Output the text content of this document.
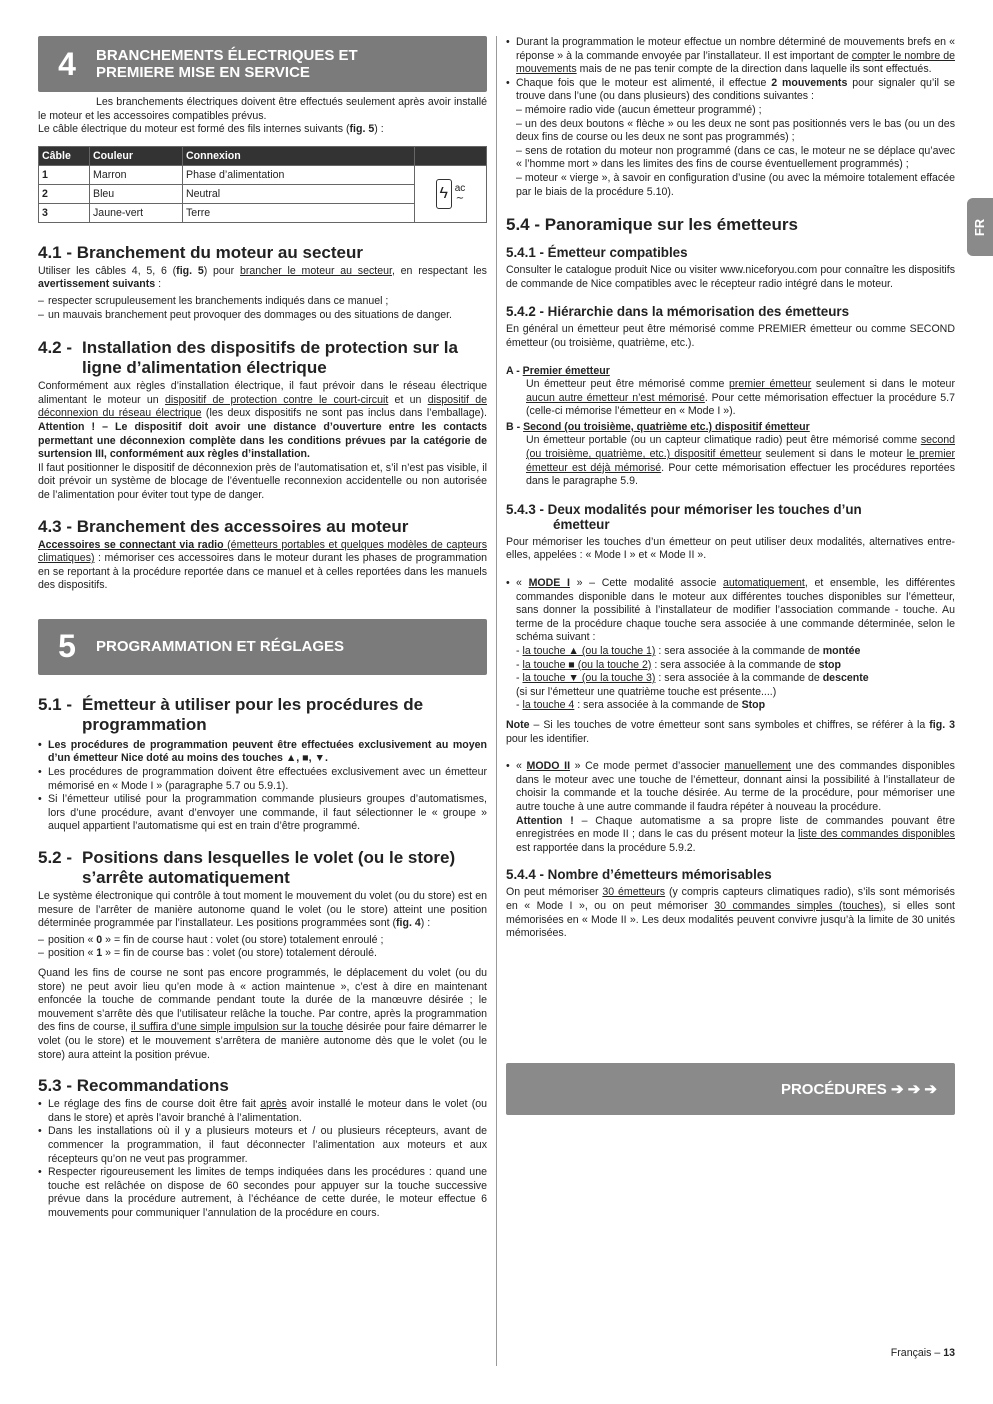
4	BRANCHEMENTS ÉLECTRIQUES ET
PREMIERE MISE EN SERVICE

Les branchements électriques doivent être effectués seulement après avoir installé le moteur et les accessoires compatibles prévus.

Le câble électrique du moteur est formé des fils internes suivants (fig. 5) :

Câble	Couleur	Connexion	
1	Marron	Phase d’alimentation	ϟ ac
∼

2	Bleu	Neutral	
3	Jaune-vert	Terre	
4.1 - Branchement du moteur au secteur

Utiliser les câbles 4, 5, 6 (fig. 5) pour brancher le moteur au secteur, en respectant les avertissement suivants :

– respecter scrupuleusement les branchements indiqués dans ce manuel ;
– un mauvais branchement peut provoquer des dommages ou des situations de danger.
4.2 - Installation des dispositifs de protection sur la
ligne d’alimentation électrique

Conformément aux règles d’installation électrique, il faut prévoir dans le réseau électrique alimentant le moteur un dispositif de protection contre le court-circuit et un dispositif de déconnexion du réseau électrique (les deux dispositifs ne sont pas inclus dans l’emballage). Attention ! – Le dispositif doit avoir une distance d’ouverture entre les contacts permettant une déconnexion complète dans les conditions prévues par la catégorie de surtension III, conformément aux règles d’installation.

Il faut positionner le dispositif de déconnexion près de l’automatisation et, s’il n’est pas visible, il doit prévoir un système de blocage de l’éventuelle reconnexion accidentelle ou non autorisée de l’alimentation pour éviter tout type de danger.

4.3 - Branchement des accessoires au moteur

Accessoires se connectant via radio (émetteurs portables et quelques modèles de capteurs climatiques) : mémoriser ces accessoires dans le moteur durant les phases de programmation en se reportant à la procédure reportée dans ce manuel et à celles reportées dans les manuels des dispositifs.

5	PROGRAMMATION ET RÉGLAGES
5.1 - Émetteur à utiliser pour les procédures de
programmation
• Les procédures de programmation peuvent être effectuées exclusivement au moyen d’un émetteur Nice doté au moins des touches ▲, ■, ▼.
• Les procédures de programmation doivent être effectuées exclusivement avec un émetteur mémorisé en « Mode I » (paragraphe 5.7 ou 5.9.1).
• Si l’émetteur utilisé pour la programmation commande plusieurs groupes d’automatismes, lors d’une procédure, avant d’envoyer une commande, il faut sélectionner le « groupe » auquel appartient l’automatisme qui est en train d’être programmé.
5.2 - Positions dans lesquelles le volet (ou le store)
s’arrête automatiquement

Le système électronique qui contrôle à tout moment le mouvement du volet (ou du store) est en mesure de l’arrêter de manière autonome quand le volet (ou le store) atteint une position déterminée programmée par l’installateur. Les positions programmées sont (fig. 4) :

– position « 0 » = fin de course haut : volet (ou store) totalement enroulé ;
– position « 1 » = fin de course bas : volet (ou store) totalement déroulé.

Quand les fins de course ne sont pas encore programmés, le déplacement du volet (ou du store) ne peut avoir lieu qu’en mode à « action maintenue », c’est à dire en maintenant enfoncée la touche de commande pendant toute la durée de la manœuvre désirée ; le mouvement s’arrête dès que l’utilisateur relâche la touche. Par contre, après la programmation des fins de course, il suffira d’une simple impulsion sur la touche désirée pour faire démarrer le volet (ou le store) et le mouvement s’arrêtera de manière autonome dès que le volet (ou le store) aura atteint la position prévue.

5.3 - Recommandations
• Le réglage des fins de course doit être fait après avoir installé le moteur dans le volet (ou dans le store) et après l’avoir branché à l’alimentation.
• Dans les installations où il y a plusieurs moteurs et / ou plusieurs récepteurs, avant de commencer la programmation, il faut déconnecter l’alimentation aux moteurs et aux récepteurs qu’on ne veut pas programmer.
• Respecter rigoureusement les limites de temps indiquées dans les procédures : quand une touche est relâchée on dispose de 60 secondes pour appuyer sur la touche successive prévue dans la procédure autrement, à l’échéance de cette durée, le moteur effectue 6 mouvements pour communiquer l’annulation de la procédure en cours.
• Durant la programmation le moteur effectue un nombre déterminé de mouvements brefs en « réponse » à la commande envoyée par l’installateur. Il est important de compter le nombre de mouvements mais de ne pas tenir compte de la direction dans laquelle ils sont effectués.
• Chaque fois que le moteur est alimenté, il effectue 2 mouvements pour signaler qu’il se trouve dans l’une (ou dans plusieurs) des conditions suivantes :
– mémoire radio vide (aucun émetteur programmé) ;
– un des deux boutons « flèche » ou les deux ne sont pas positionnés vers le bas (ou un des deux fins de course ou les deux ne sont pas programmés) ;
– sens de rotation du moteur non programmé (dans ce cas, le moteur ne se déplace qu’avec « l’homme mort » dans les limites des fins de course éventuellement programmés) ;
– moteur « vierge », à savoir en configuration d’usine (ou avec la mémoire totalement effacée par le biais de la procédure 5.10).
5.4 - Panoramique sur les émetteurs
5.4.1 - Émetteur compatibles

Consulter le catalogue produit Nice ou visiter www.niceforyou.com pour connaître les dispositifs de commande de Nice compatibles avec le récepteur radio intégré dans le moteur.

5.4.2 - Hiérarchie dans la mémorisation des émetteurs

En général un émetteur peut être mémorisé comme PREMIER émetteur ou comme SECOND émetteur (ou troisième, quatrième, etc.).

A - Premier émetteur

Un émetteur peut être mémorisé comme premier émetteur seulement si dans le moteur aucun autre émetteur n’est mémorisé. Pour cette mémorisation effectuer la procédure 5.7 (celle-ci mémorise l’émetteur en « Mode I »).

B - Second (ou troisième, quatrième etc.) dispositif émetteur

Un émetteur portable (ou un capteur climatique radio) peut être mémorisé comme second (ou troisième, quatrième, etc.) dispositif émetteur seulement si dans le moteur le premier émetteur est déjà mémorisé. Pour cette mémorisation effectuer les procédures reportées dans le paragraphe 5.9.

5.4.3 - Deux modalités pour mémoriser les touches d’un
émetteur

Pour mémoriser les touches d’un émetteur on peut utiliser deux modalités, alternatives entre-elles, appelées : « Mode I » et « Mode II ».

• « MODE I » – Cette modalité associe automatiquement, et ensemble, les différentes commandes disponible dans le moteur aux différentes touches disponibles sur l’émetteur, sans donner la possibilité à l’installateur de modifier l’association commande - touche. Au terme de la procédure chaque touche sera associée à une commande déterminée, selon le schéma suivant :
- la touche ▲ (ou la touche 1) : sera associée à la commande de montée
- la touche ■ (ou la touche 2) : sera associée à la commande de stop
- la touche ▼ (ou la touche 3) : sera associée à la commande de descente
(si sur l’émetteur une quatrième touche est présente....)
- la touche 4 : sera associée à la commande de Stop

Note – Si les touches de votre émetteur sont sans symboles et chiffres, se référer à la fig. 3 pour les identifier.

• « MODO II » Ce mode permet d’associer manuellement une des commandes disponibles dans le moteur avec une touche de l’émetteur, donnant ainsi la possibilité à l’installateur de choisir la commande et la touche désirée. Au terme de la procédure, pour mémoriser une autre touche à une autre commande il faudra répéter à nouveau la procédure.
Attention ! – Chaque automatisme a sa propre liste de commandes pouvant être enregistrées en mode II ; dans le cas du présent moteur la liste des commandes disponibles est rapportée dans la procédure 5.9.2.
5.4.4 - Nombre d’émetteurs mémorisables

On peut mémoriser 30 émetteurs (y compris capteurs climatiques radio), s’ils sont mémorisés en « Mode I », ou on peut mémoriser 30 commandes simples (touches), si elles sont mémorisées en « Mode II ». Les deux modalités peuvent convivre jusqu’à la limite de 30 unités mémorisées.

FR
PROCÉDURES ➔ ➔ ➔
Français – 13
